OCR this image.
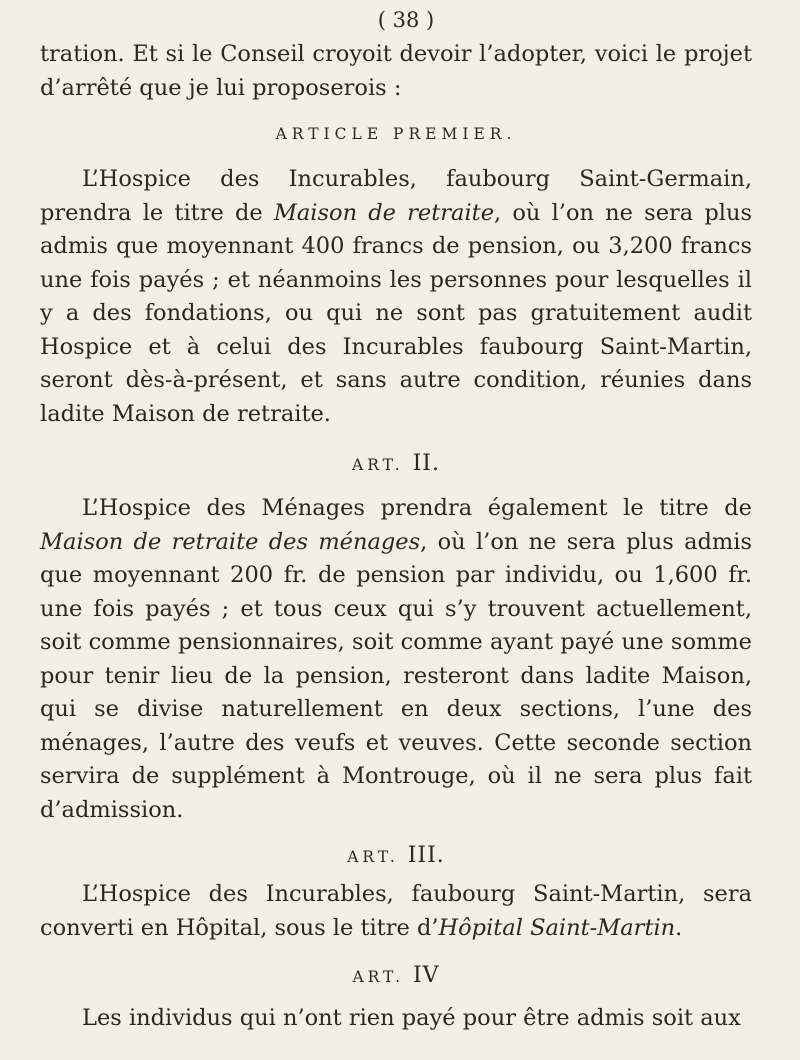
( 38 )

tration. Et si le Conseil croyoit devoir l’adopter, voici le projet d’arrêté que je lui proposerois :

ARTICLE PREMIER.

L’Hospice des Incurables, faubourg Saint-Germain, prendra le titre de Maison de retraite, où l’on ne sera plus admis que moyennant 400 francs de pension, ou 3,200 francs une fois payés ; et néanmoins les personnes pour lesquelles il y a des fondations, ou qui ne sont pas gratuitement audit Hospice et à celui des Incurables faubourg Saint-Martin, seront dès-à-présent, et sans autre condition, réunies dans ladite Maison de retraite.

ART. II.

L’Hospice des Ménages prendra également le titre de Maison de retraite des ménages, où l’on ne sera plus admis que moyennant 200 fr. de pension par individu, ou 1,600 fr. une fois payés ; et tous ceux qui s’y trouvent actuellement, soit comme pensionnaires, soit comme ayant payé une somme pour tenir lieu de la pension, resteront dans ladite Maison, qui se divise naturellement en deux sections, l’une des ménages, l’autre des veufs et veuves. Cette seconde section servira de supplément à Montrouge, où il ne sera plus fait d’admission.

ART. III.

L’Hospice des Incurables, faubourg Saint-Martin, sera converti en Hôpital, sous le titre d’Hôpital Saint-Martin.

ART. IV

Les individus qui n’ont rien payé pour être admis soit aux
